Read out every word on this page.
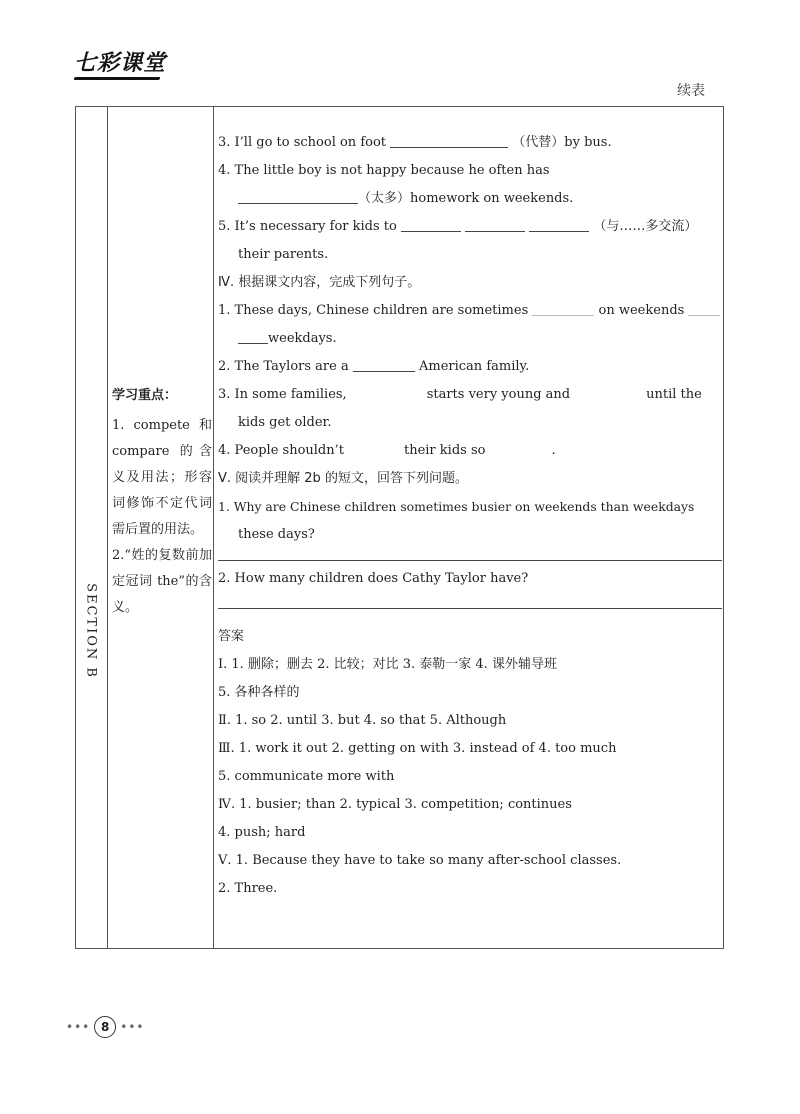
七彩课堂
续表
SECTION B
学习重点：

1. compete 和 compare 的含义及用法；形容词修饰不定代词需后置的用法。

2.“姓的复数前加定冠词 the”的含义。

3. I’ll go to school on foot	（代替）by bus.
4. The little boy is not happy because he often has
（太多）homework on weekends.
5. It’s necessary for kids to	（与……多交流）
their parents.
Ⅳ. 根据课文内容，完成下列句子。
1. These days, Chinese children are sometimes	on weekends
weekdays.
2. The Taylors are a	American family.
3. In some families,	starts very young and	until the
kids get older.
4. People shouldn’t	their kids so	.
Ⅴ. 阅读并理解 2b 的短文，回答下列问题。
1. Why are Chinese children sometimes busier on weekends than weekdays
these days?
2. How many children does Cathy Taylor have?
答案
Ⅰ. 1. 删除；删去 2. 比较；对比 3. 泰勒一家 4. 课外辅导班
5. 各种各样的
Ⅱ. 1. so 2. until 3. but 4. so that 5. Although
Ⅲ. 1. work it out 2. getting on with 3. instead of 4. too much
5. communicate more with
Ⅳ. 1. busier; than 2. typical 3. competition; continues
4. push; hard
Ⅴ. 1. Because they have to take so many after-school classes.
2. Three.
••• 8 •••
